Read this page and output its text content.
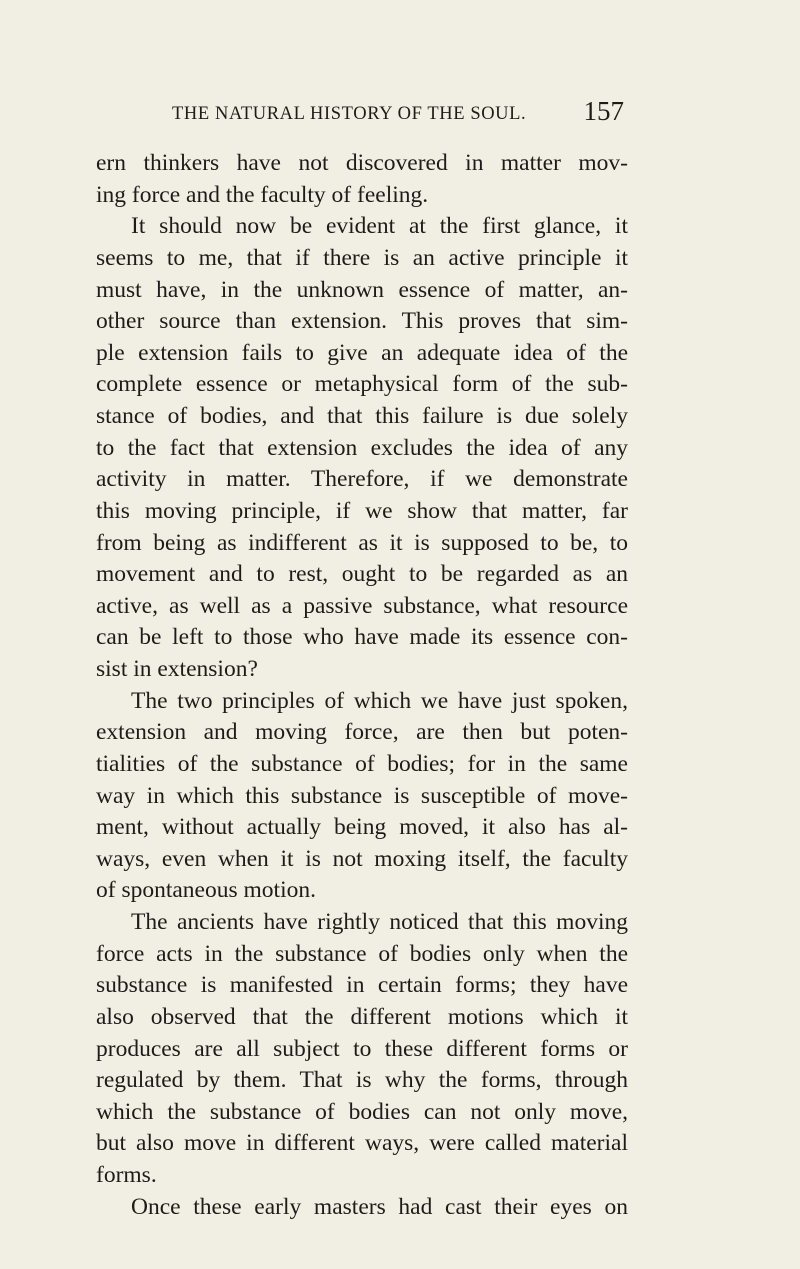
THE NATURAL HISTORY OF THE SOUL. 157
ern thinkers have not discovered in matter mov-
ing force and the faculty of feeling.
It should now be evident at the first glance, it
seems to me, that if there is an active principle it
must have, in the unknown essence of matter, an-
other source than extension. This proves that sim-
ple extension fails to give an adequate idea of the
complete essence or metaphysical form of the sub-
stance of bodies, and that this failure is due solely
to the fact that extension excludes the idea of any
activity in matter. Therefore, if we demonstrate
this moving principle, if we show that matter, far
from being as indifferent as it is supposed to be, to
movement and to rest, ought to be regarded as an
active, as well as a passive substance, what resource
can be left to those who have made its essence con-
sist in extension?
The two principles of which we have just spoken,
extension and moving force, are then but poten-
tialities of the substance of bodies; for in the same
way in which this substance is susceptible of move-
ment, without actually being moved, it also has al-
ways, even when it is not moxing itself, the faculty
of spontaneous motion.
The ancients have rightly noticed that this moving
force acts in the substance of bodies only when the
substance is manifested in certain forms; they have
also observed that the different motions which it
produces are all subject to these different forms or
regulated by them. That is why the forms, through
which the substance of bodies can not only move,
but also move in different ways, were called material
forms.
Once these early masters had cast their eyes on
